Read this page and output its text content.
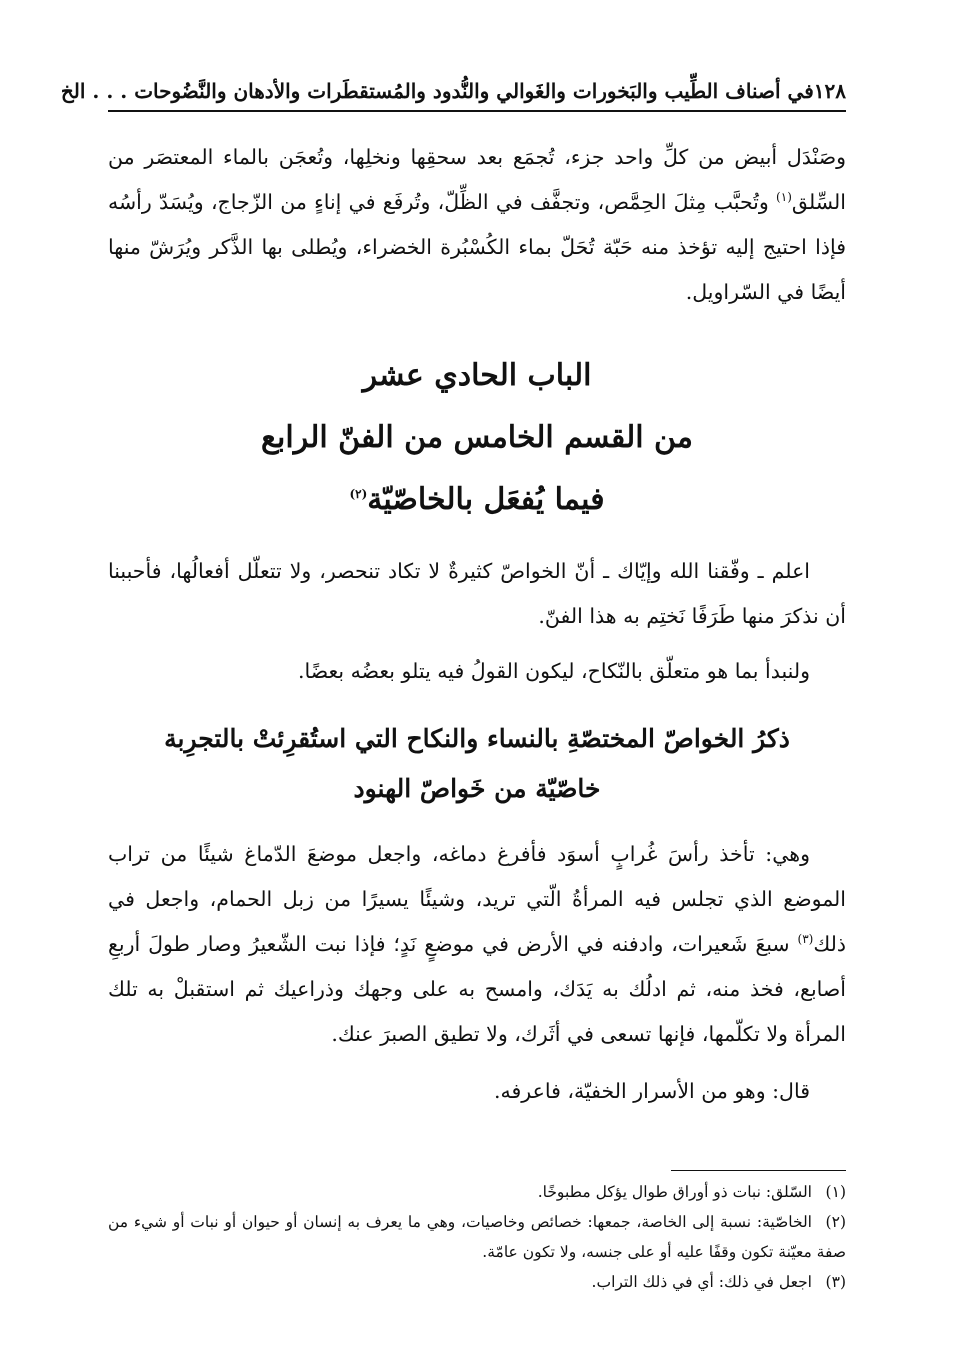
١٢٨
في أصناف الطِّيب والبَخورات والغَوالي والنُّدود والمُستقطَرات والأدهان والنَّضُوحات . . . الخ

وصَنْدَل أبيض من كلِّ واحد جزء، تُجمَع بعد سحقِها ونخلِها، وتُعجَن بالماء المعتصَر من السِّلق$^{(١)}$ وتُحبَّب مِثلَ الحِمَّص، وتجفَّف في الظِّلّ، وتُرفَع في إناءٍ من الزّجاج، ويُسَدّ رأسُه فإذا احتيج إليه تؤخذ منه حَبّة تُحَلّ بماء الكُسْبُرة الخضراء، ويُطلى بها الذَّكر ويُرَشّ منها أيضًا في السّراويل.

الباب الحادي عشر
من القسم الخامس من الفنّ الرابع
فيما يُفعَل بالخاصّيّة$^{(٢)}$

اعلم ـ وفّقنا الله وإيّاك ـ أنّ الخواصّ كثيرةٌ لا تكاد تنحصر، ولا تتعلّل أفعالُها، فأحببنا أن نذكرَ منها طَرَفًا نَختِم به هذا الفنّ.

ولنبدأ بما هو متعلّق بالنّكاح، ليكون القولُ فيه يتلو بعضُه بعضًا.

ذكرُ الخواصّ المختصّةِ بالنساء والنكاح التي استُقرِئتْ بالتجرِبة
خاصّيّة من خَواصّ الهنود

وهي: تأخذ رأسَ غُرابٍ أسوَد فأفرغ دماغه، واجعل موضعَ الدّماغ شيئًا من تراب الموضع الذي تجلس فيه المرأةُ الّتي تريد، وشيئًا يسيرًا من زبل الحمام، واجعل في ذلك$^{(٣)}$ سبعَ شَعيرات، وادفنه في الأرض في موضعٍ نَدٍ؛ فإذا نبت الشّعيرُ وصار طولَ أربعِ أصابع، فخذ منه، ثم ادلُك به يَدَك، وامسح به على وجهك وذراعيك ثم استقبلْ به تلك المرأة ولا تكلّمها، فإنها تسعى في أثَرك، ولا تطيق الصبرَ عنك.

قال: وهو من الأسرار الخفيّة، فاعرفه.

(١)السّلق: نبات ذو أوراق طوال يؤكل مطبوخًا.

(٢)الخاصّية: نسبة إلى الخاصة، جمعها: خصائص وخاصيات، وهي ما يعرف به إنسان أو حيوان أو نبات أو شيء من صفة معيّنة تكون وقفًا عليه أو على جنسه، ولا تكون عامّة.

(٣)اجعل في ذلك: أي في ذلك التراب.
